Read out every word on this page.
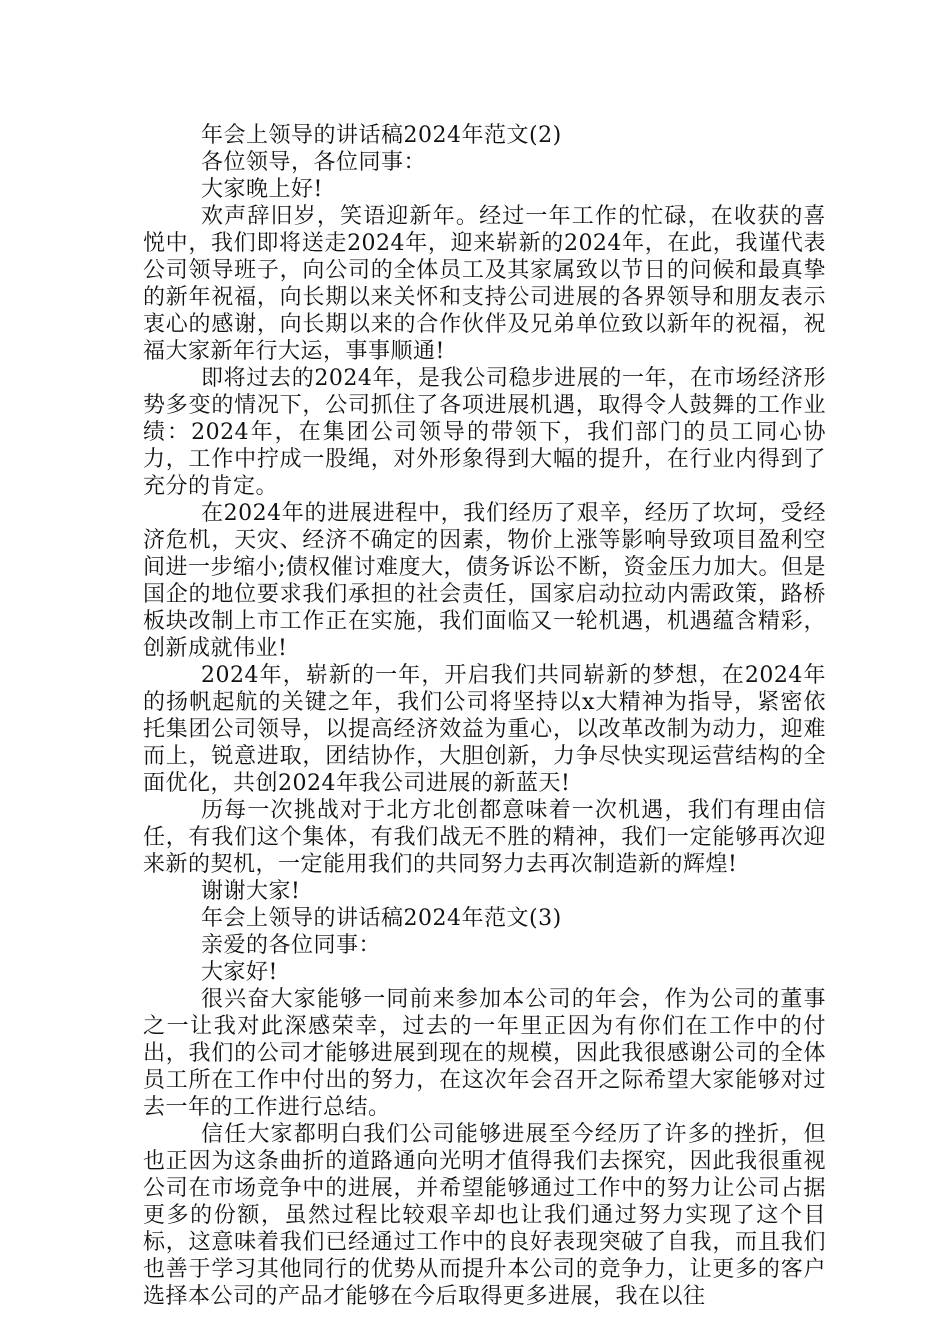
年会上领导的讲话稿2024年范文(2)

各位领导，各位同事：

大家晚上好!

欢声辞旧岁，笑语迎新年。经过一年工作的忙碌，在收获的喜悦中，我们即将送走2024年，迎来崭新的2024年，在此，我谨代表公司领导班子，向公司的全体员工及其家属致以节日的问候和最真挚的新年祝福，向长期以来关怀和支持公司进展的各界领导和朋友表示衷心的感谢，向长期以来的合作伙伴及兄弟单位致以新年的祝福，祝福大家新年行大运，事事顺通!

即将过去的2024年，是我公司稳步进展的一年，在市场经济形势多变的情况下，公司抓住了各项进展机遇，取得令人鼓舞的工作业绩：2024年，在集团公司领导的带领下，我们部门的员工同心协力，工作中拧成一股绳，对外形象得到大幅的提升，在行业内得到了充分的肯定。

在2024年的进展进程中，我们经历了艰辛，经历了坎坷，受经济危机，天灾、经济不确定的因素，物价上涨等影响导致项目盈利空间进一步缩小;债权催讨难度大，债务诉讼不断，资金压力加大。但是国企的地位要求我们承担的社会责任，国家启动拉动内需政策，路桥板块改制上市工作正在实施，我们面临又一轮机遇，机遇蕴含精彩，创新成就伟业!

2024年，崭新的一年，开启我们共同崭新的梦想，在2024年的扬帆起航的关键之年，我们公司将坚持以x大精神为指导，紧密依托集团公司领导，以提高经济效益为重心，以改革改制为动力，迎难而上，锐意进取，团结协作，大胆创新，力争尽快实现运营结构的全面优化，共创2024年我公司进展的新蓝天!

历每一次挑战对于北方北创都意味着一次机遇，我们有理由信任，有我们这个集体，有我们战无不胜的精神，我们一定能够再次迎来新的契机，一定能用我们的共同努力去再次制造新的辉煌!

谢谢大家!

年会上领导的讲话稿2024年范文(3)

亲爱的各位同事：

大家好!

很兴奋大家能够一同前来参加本公司的年会，作为公司的董事之一让我对此深感荣幸，过去的一年里正因为有你们在工作中的付出，我们的公司才能够进展到现在的规模，因此我很感谢公司的全体员工所在工作中付出的努力，在这次年会召开之际希望大家能够对过去一年的工作进行总结。

信任大家都明白我们公司能够进展至今经历了许多的挫折，但也正因为这条曲折的道路通向光明才值得我们去探究，因此我很重视公司在市场竞争中的进展，并希望能够通过工作中的努力让公司占据更多的份额，虽然过程比较艰辛却也让我们通过努力实现了这个目标，这意味着我们已经通过工作中的良好表现突破了自我，而且我们也善于学习其他同行的优势从而提升本公司的竞争力，让更多的客户选择本公司的产品才能够在今后取得更多进展，我在以往
